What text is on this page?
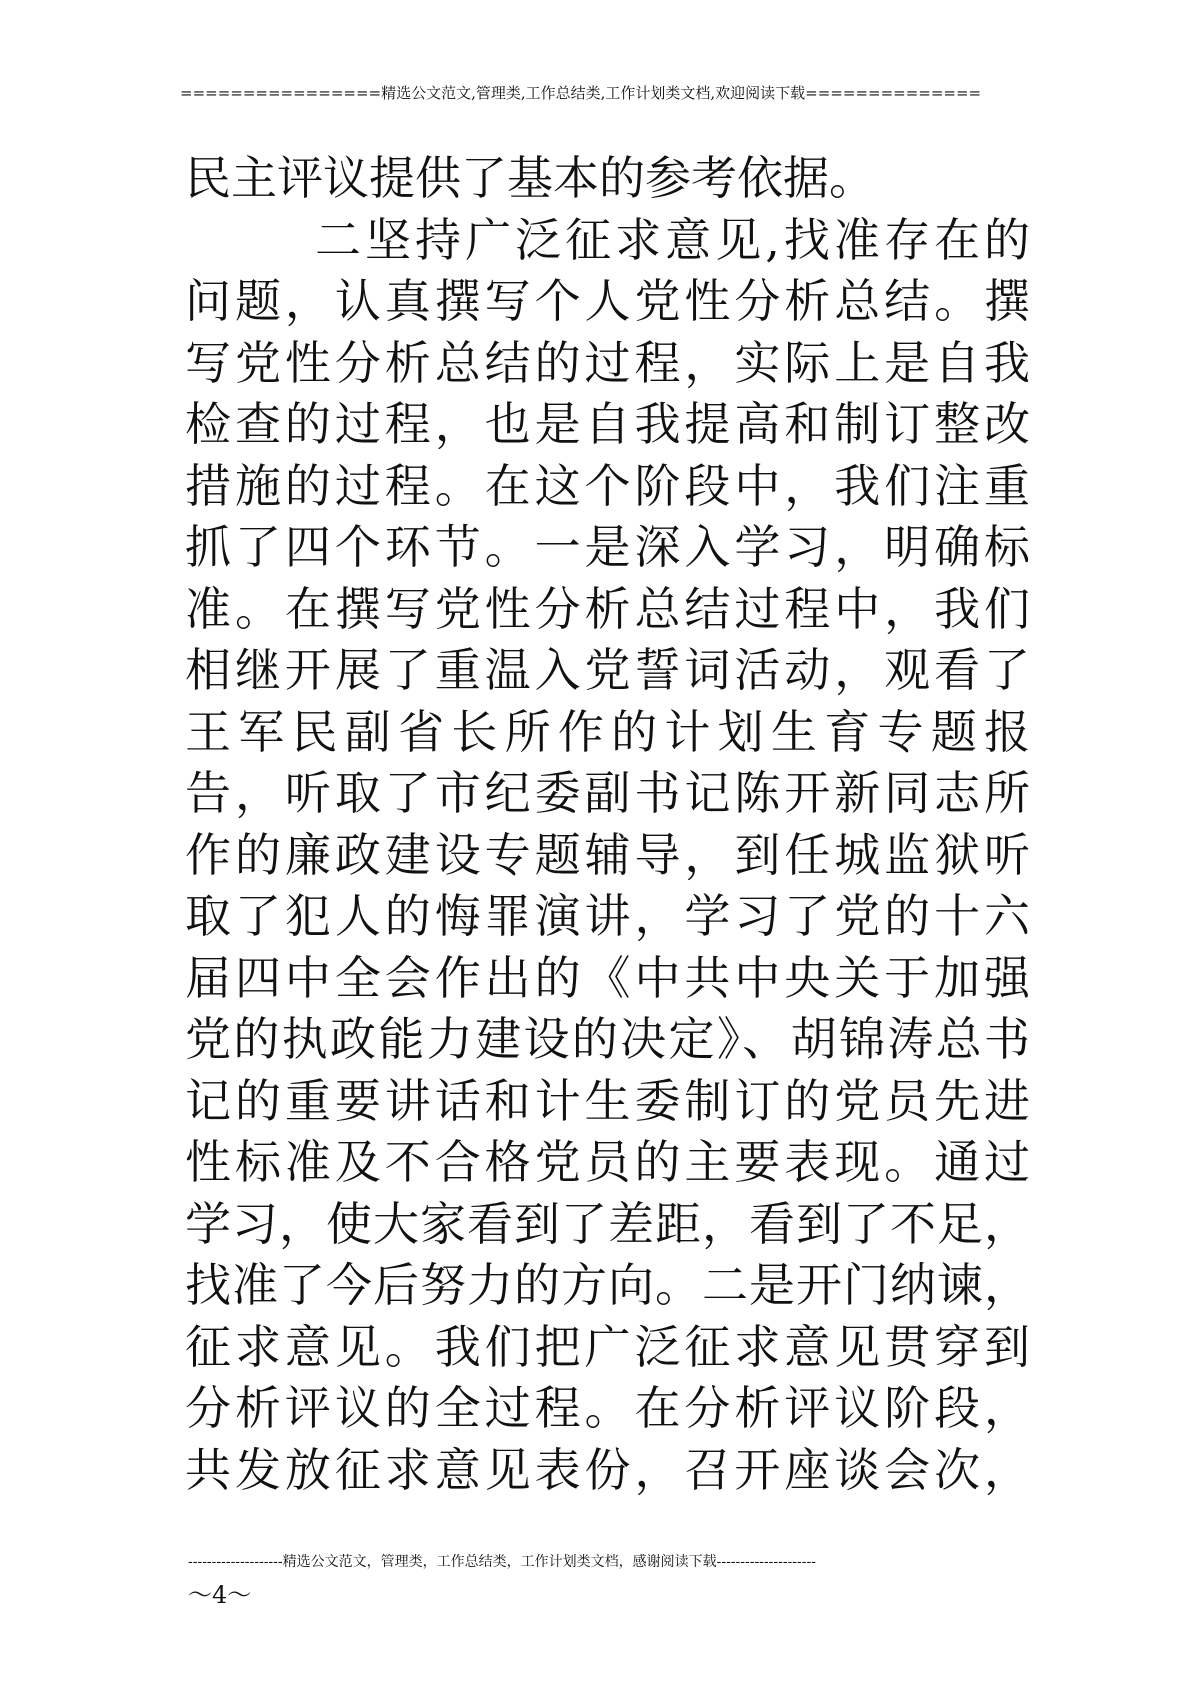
================精选公文范文,管理类,工作总结类,工作计划类文档,欢迎阅读下载==============
民主评议提供了基本的参考依据。
二坚持广泛征求意见,找准存在的
问题，认真撰写个人党性分析总结。撰
写党性分析总结的过程，实际上是自我
检查的过程，也是自我提高和制订整改
措施的过程。在这个阶段中，我们注重
抓了四个环节。一是深入学习，明确标
准。在撰写党性分析总结过程中，我们
相继开展了重温入党誓词活动，观看了
王军民副省长所作的计划生育专题报
告，听取了市纪委副书记陈开新同志所
作的廉政建设专题辅导，到任城监狱听
取了犯人的悔罪演讲，学习了党的十六
届四中全会作出的《中共中央关于加强
党的执政能力建设的决定》、胡锦涛总书
记的重要讲话和计生委制订的党员先进
性标准及不合格党员的主要表现。通过
学习，使大家看到了差距，看到了不足，
找准了今后努力的方向。二是开门纳谏，
征求意见。我们把广泛征求意见贯穿到
分析评议的全过程。在分析评议阶段，
共发放征求意见表份，召开座谈会次，
--------------------精选公文范文，管理类，工作总结类，工作计划类文档，感谢阅读下载---------------------
～4～
